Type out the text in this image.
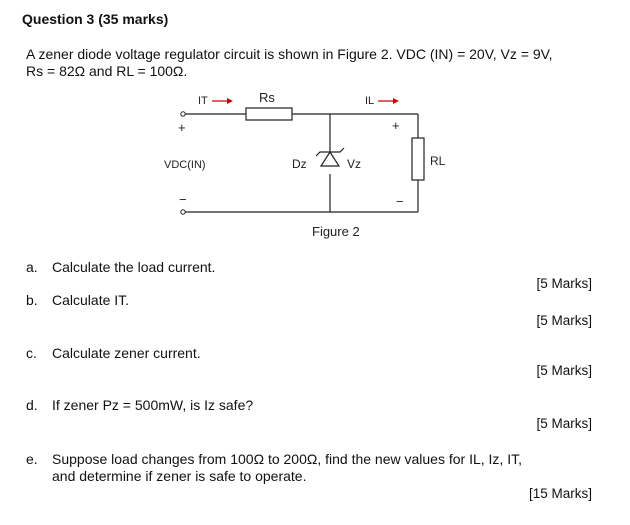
Question 3 (35 marks)
A zener diode voltage regulator circuit is shown in Figure 2. VDC (IN) = 20V, Vz = 9V,
Rs = 82Ω and RL = 100Ω.
IT	Rs	IL
+	+
VDC(IN)
−	−
Dz	Vz	RL
Figure 2
a. Calculate the load current.
[5 Marks]
b. Calculate IT.
[5 Marks]
c. Calculate zener current.
[5 Marks]
d. If zener Pz = 500mW, is Iz safe?
[5 Marks]
e. Suppose load changes from 100Ω to 200Ω, find the new values for IL, Iz, IT,
and determine if zener is safe to operate.
[15 Marks]
